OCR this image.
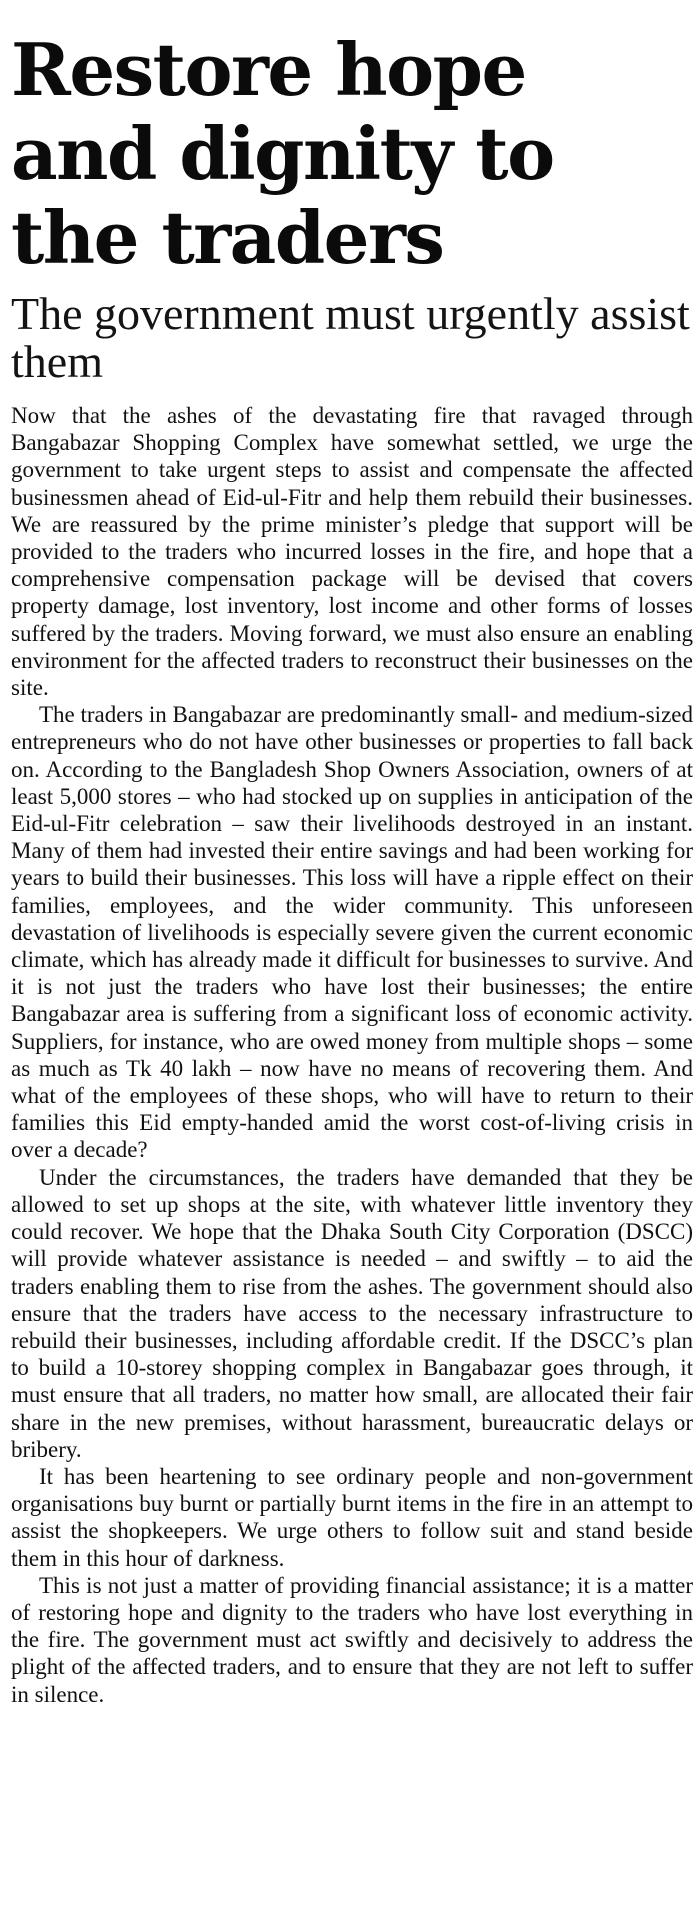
Restore hope and dignity to the traders
The government must urgently assist them

Now that the ashes of the devastating fire that ravaged through Bangabazar Shopping Complex have somewhat settled, we urge the government to take urgent steps to assist and compensate the affected businessmen ahead of Eid-ul-Fitr and help them rebuild their businesses. We are reassured by the prime minister’s pledge that support will be provided to the traders who incurred losses in the fire, and hope that a comprehensive compensation package will be devised that covers property damage, lost inventory, lost income and other forms of losses suffered by the traders. Moving forward, we must also ensure an enabling environment for the affected traders to reconstruct their businesses on the site.

The traders in Bangabazar are predominantly small- and medium-sized entrepreneurs who do not have other businesses or properties to fall back on. According to the Bangladesh Shop Owners Association, owners of at least 5,000 stores – who had stocked up on supplies in anticipation of the Eid-ul-Fitr celebration – saw their livelihoods destroyed in an instant. Many of them had invested their entire savings and had been working for years to build their businesses. This loss will have a ripple effect on their families, employees, and the wider community. This unforeseen devastation of livelihoods is especially severe given the current economic climate, which has already made it difficult for businesses to survive. And it is not just the traders who have lost their businesses; the entire Bangabazar area is suffering from a significant loss of economic activity. Suppliers, for instance, who are owed money from multiple shops – some as much as Tk 40 lakh – now have no means of recovering them. And what of the employees of these shops, who will have to return to their families this Eid empty-handed amid the worst cost-of-living crisis in over a decade?

Under the circumstances, the traders have demanded that they be allowed to set up shops at the site, with whatever little inventory they could recover. We hope that the Dhaka South City Corporation (DSCC) will provide whatever assistance is needed – and swiftly – to aid the traders enabling them to rise from the ashes. The government should also ensure that the traders have access to the necessary infrastructure to rebuild their businesses, including affordable credit. If the DSCC’s plan to build a 10-storey shopping complex in Bangabazar goes through, it must ensure that all traders, no matter how small, are allocated their fair share in the new premises, without harassment, bureaucratic delays or bribery.

It has been heartening to see ordinary people and non-government organisations buy burnt or partially burnt items in the fire in an attempt to assist the shopkeepers. We urge others to follow suit and stand beside them in this hour of darkness.

This is not just a matter of providing financial assistance; it is a matter of restoring hope and dignity to the traders who have lost everything in the fire. The government must act swiftly and decisively to address the plight of the affected traders, and to ensure that they are not left to suffer in silence.
